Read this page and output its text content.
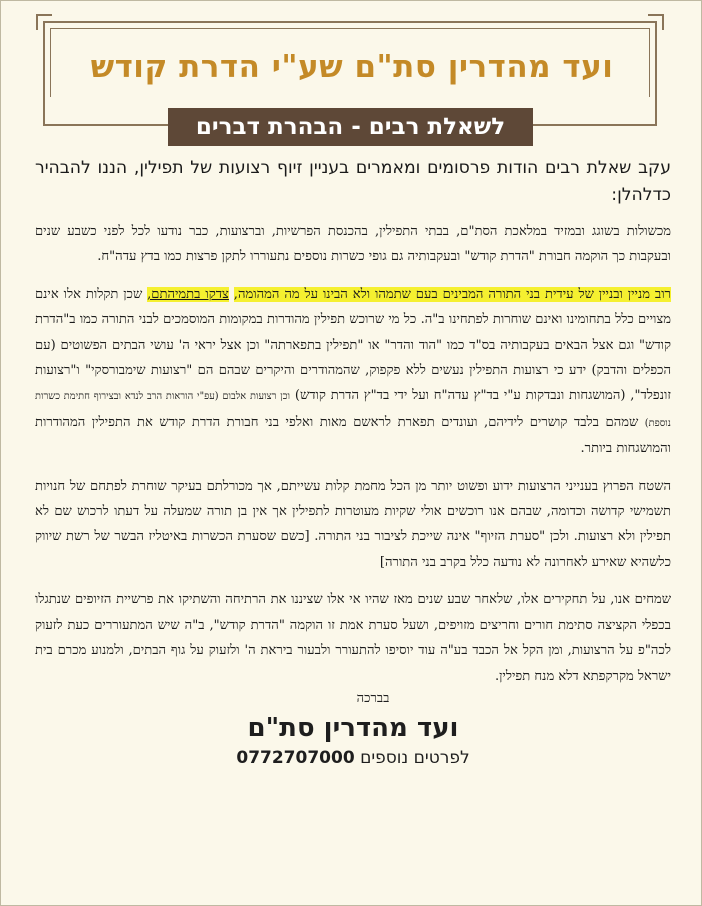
ועד מהדרין סת"ם שע"י הדרת קודש
לשאלת רבים - הבהרת דברים

עקב שאלת רבים הודות פרסומים ומאמרים בעניין זיוף רצועות של תפילין, הננו להבהיר כדלהלן:

מכשולות בשוגג ובמזיד במלאכת הסת"ם, בבתי התפילין, בהכנסת הפרשיות, וברצועות, כבר נודעו לכל לפני כשבע שנים ובעקבות כך הוקמה חבורת "הדרת קודש" ובעקבותיה גם גופי כשרות נוספים נתעוררו לתקן פרצות כמו בדץ עדה"ח.

רוב מניין ובניין של עידית בני התורה המבינים בעם שתמהו ולא הבינו על מה המהומה, צדקו בתמיהתם, שכן תקלות אלו אינם מצויים כלל בתחומינו ואינם שוחרות לפתחינו ב"ה. כל מי שרוכש תפילין מהודרות במקומות המוסמכים לבני התורה כמו ב"הדרת קודש" וגם אצל הבאים בעקבותיה בס"ד כמו "הוד והדר" או "תפילין בתפארתה" וכן אצל יראי ה' עושי הבתים הפשוטים (עם הכפלים והדבק) ידע כי רצועות התפילין נעשים ללא פקפוק, שהמהודרים והיקרים שבהם הם "רצועות שימבורסקי" ו"רצועות זונפלד", (המושגחות ונבדקות ע"י בד"ץ עדה"ח ועל ידי בד"ץ הדרת קודש) וכן רצועות אלבום (עפ"י הוראות הרב לנדא ובצירוף חתימת כשרות נוספת) שמהם בלבד קושרים לידיהם, ועונדים תפארת לראשם מאות ואלפי בני חבורת הדרת קודש את התפילין המהודרות והמושגחות ביותר.

השטח הפרוץ בענייני הרצועות ידוע ופשוט יותר מן הכל מחמת קלות עשייתם, אך מכורלתם בעיקר שוחרת לפתחם של חנויות תשמישי קדושה וכדומה, שבהם אנו רוכשים אולי שקיות מעוטרות לתפילין אך אין בן תורה שמעלה על דעתו לרכוש שם לא תפילין ולא רצועות. ולכן "סערת הזיוף" אינה שייכת לציבור בני התורה. [כשם שסערת הכשרות באיטליז הבשר של רשת שיווק כלשהיא שאירע לאחרונה לא נודעה כלל בקרב בני התורה]

שמחים אנו, על תחקירים אלו, שלאחר שבע שנים מאז שהיו אי אלו שציננו את הרתיחה והשתיקו את פרשיית הזיופים שנתגלו בכפלי הקציצה סתימת חורים וחריצים מזויפים, ושעל סערת אמת זו הוקמה "הדרת קודש", ב"ה שיש המתעוררים כעת לזעוק לכה"פ על הרצועות, ומן הקל אל הכבד בע"ה עוד יוסיפו להתעורר ולבעור ביראת ה' ולזעוק על גוף הבתים, ולמנוע מכרם בית ישראל מקרקפתא דלא מנח תפילין.

בברכה

ועד מהדרין סת"ם

לפרטים נוספים 0772707000
